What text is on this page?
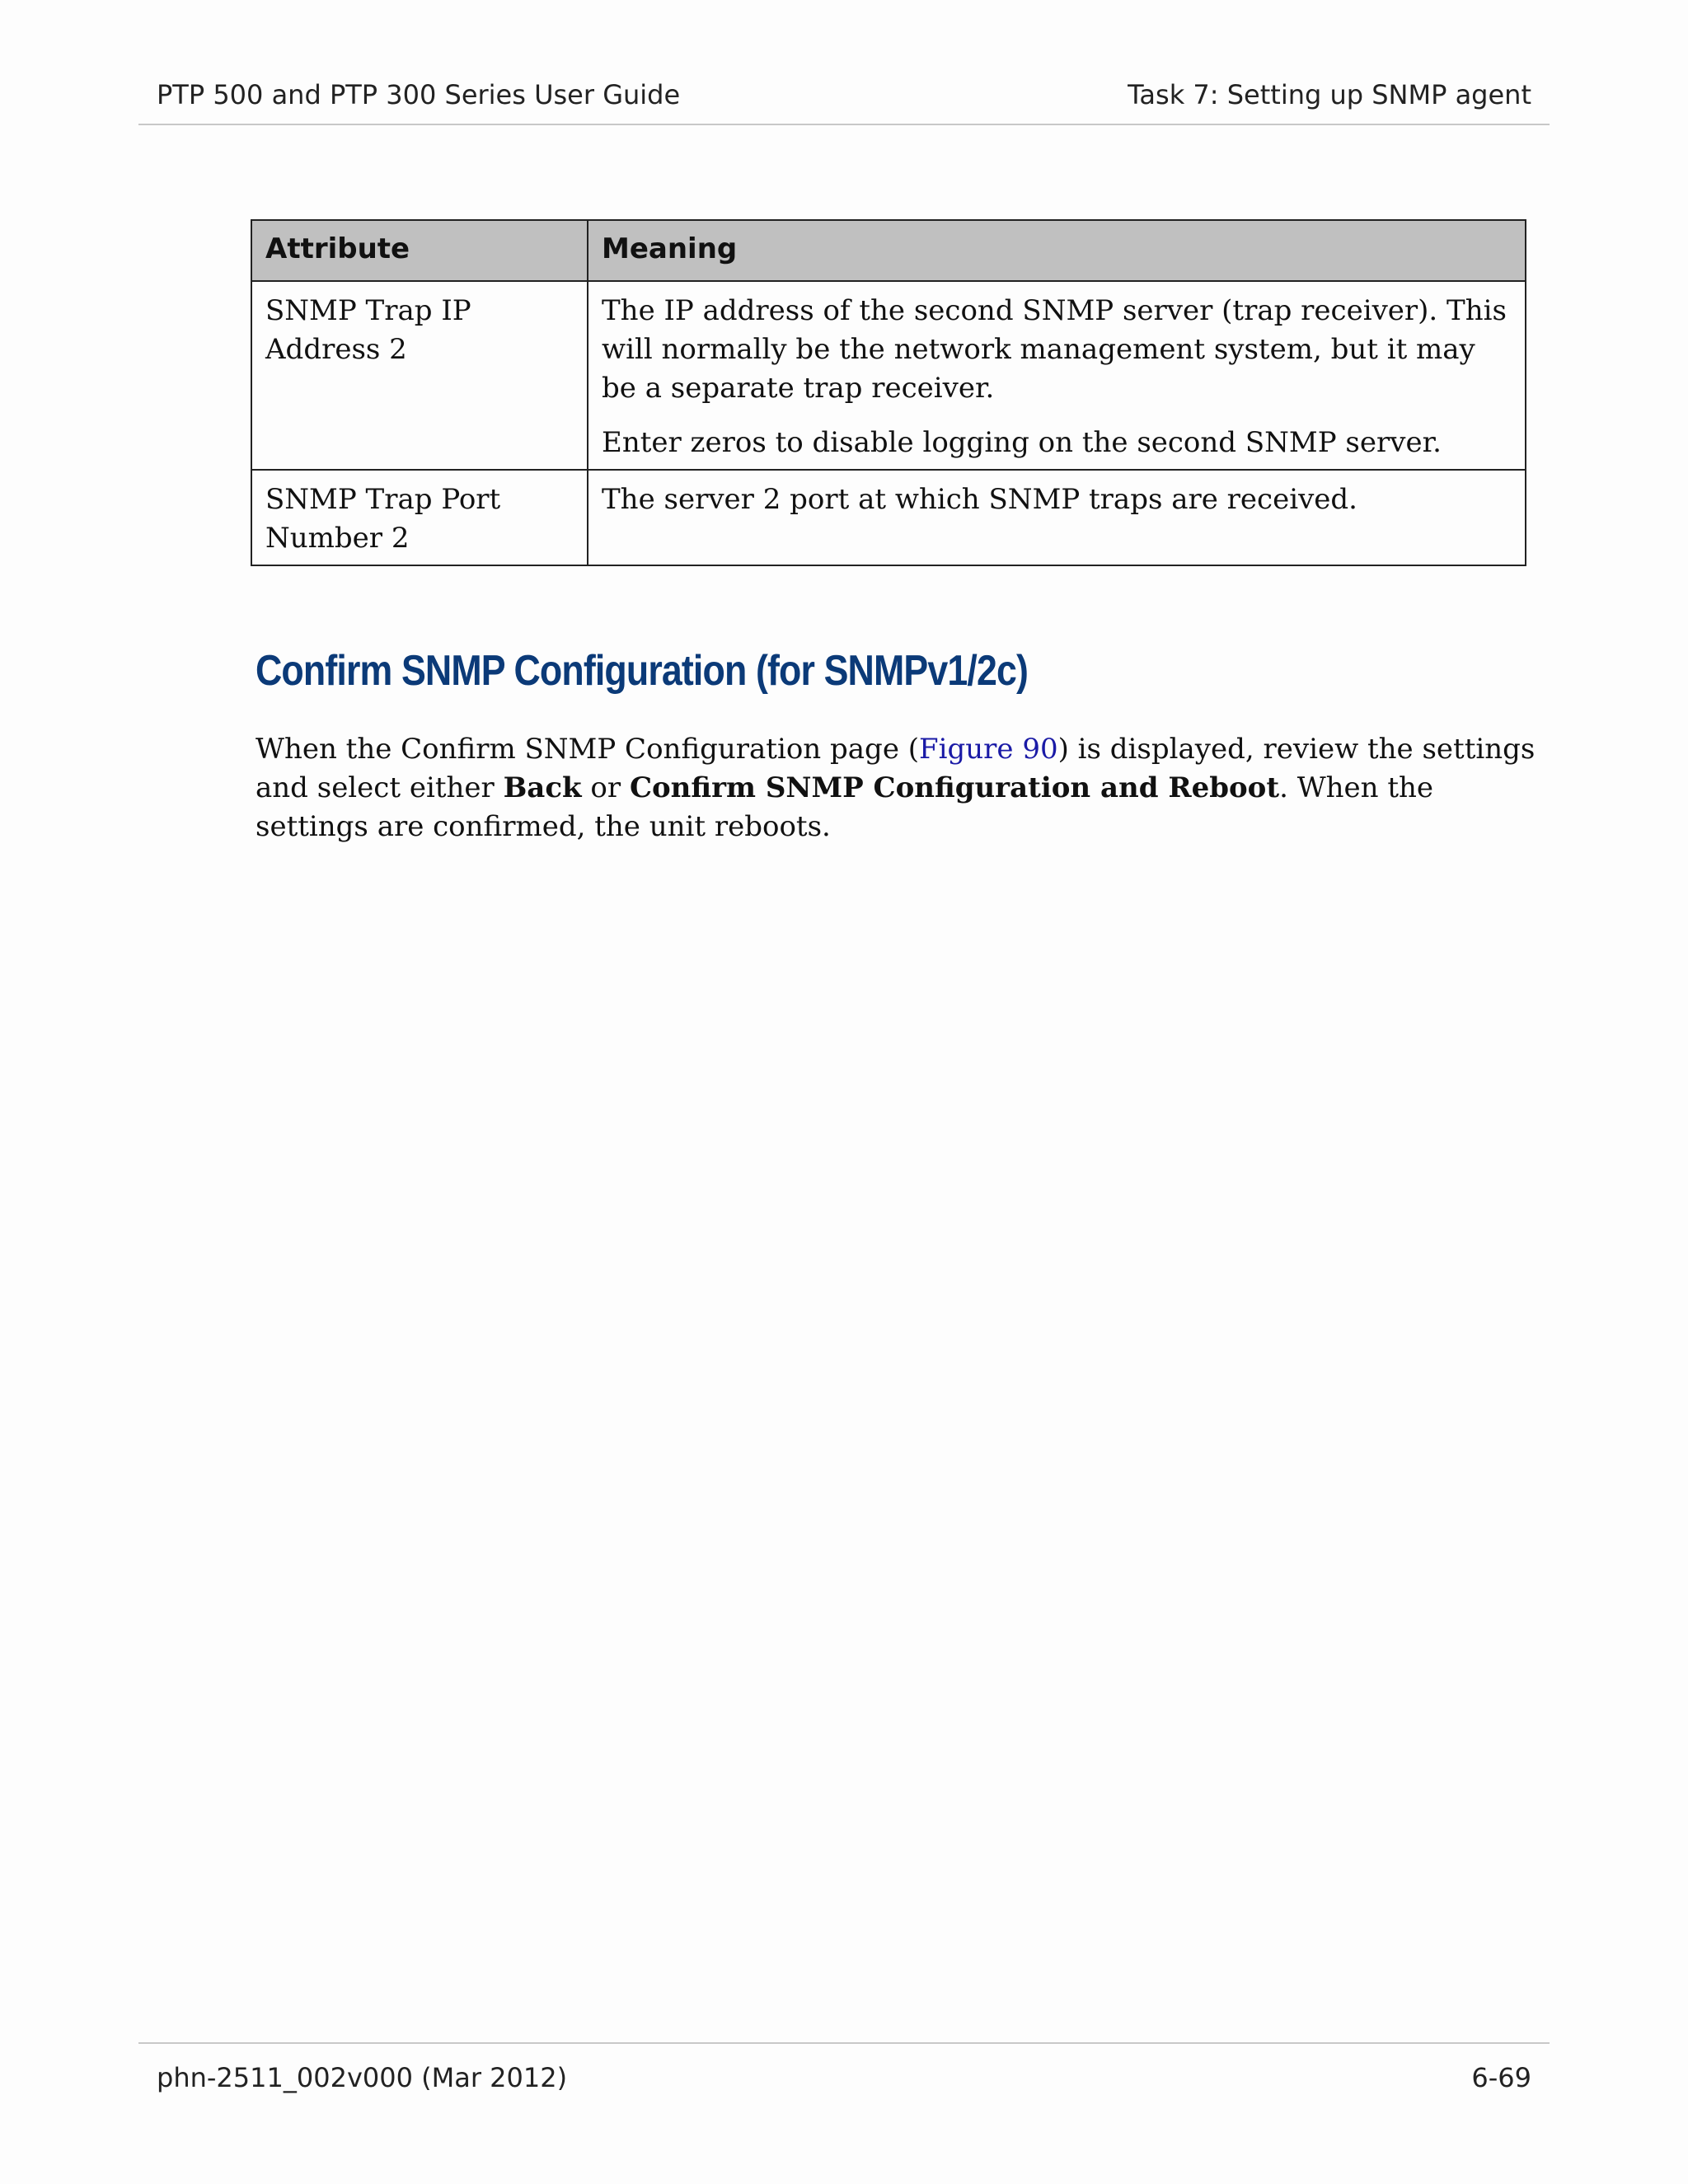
PTP 500 and PTP 300 Series User Guide	Task 7: Setting up SNMP agent
Attribute	Meaning
SNMP Trap IP Address 2	The IP address of the second SNMP server (trap receiver). This will normally be the network management system, but it may be a separate trap receiver.

Enter zeros to disable logging on the second SNMP server.

SNMP Trap Port Number 2	The server 2 port at which SNMP traps are received.

Confirm SNMP Configuration (for SNMPv1/2c)

When the Confirm SNMP Configuration page (Figure 90) is displayed, review the settings and select either Back or Confirm SNMP Configuration and Reboot. When the settings are confirmed, the unit reboots.

phn-2511_002v000 (Mar 2012)	6-69
